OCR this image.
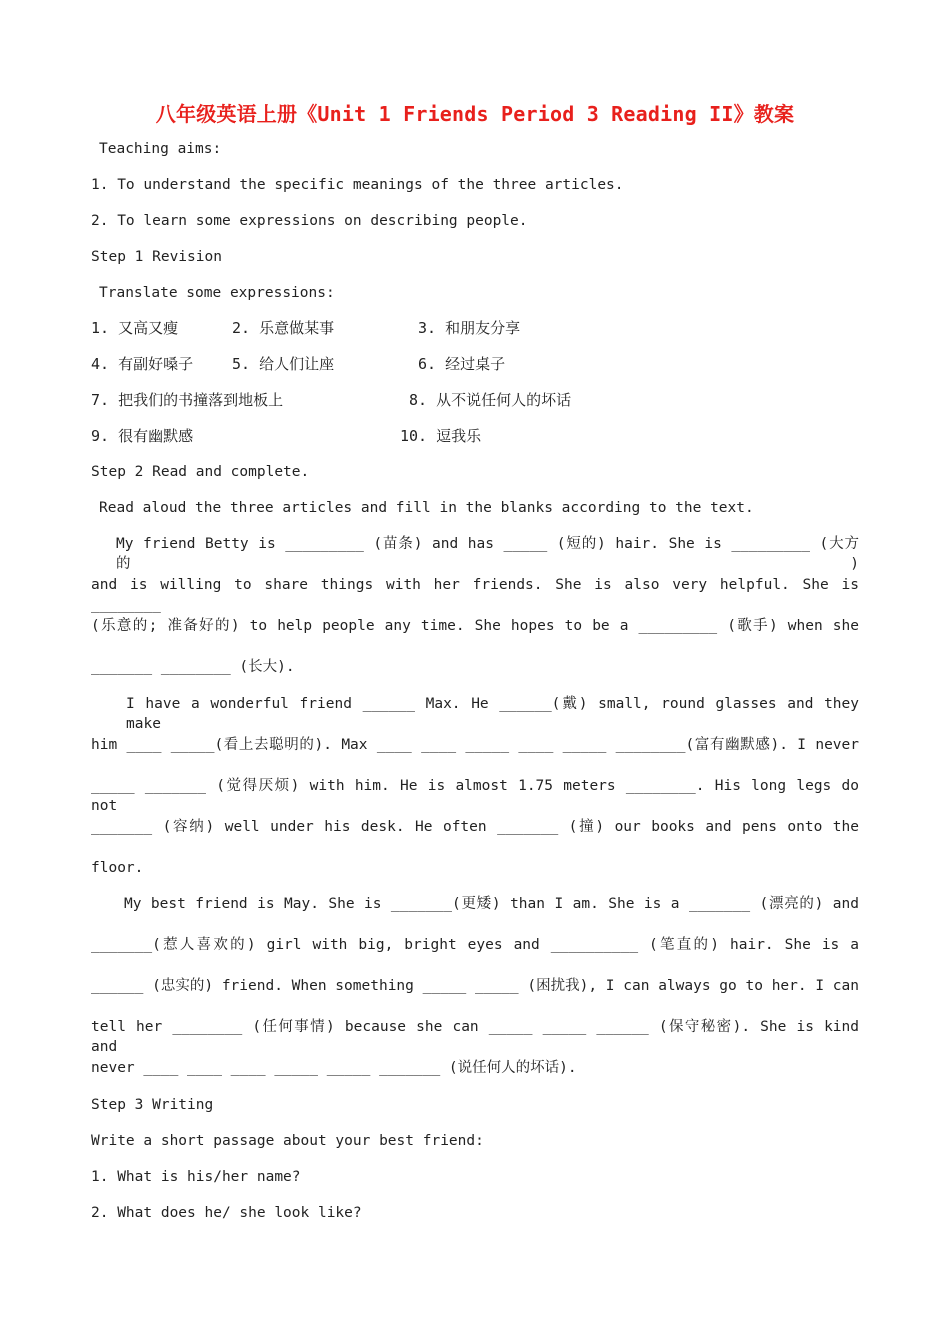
八年级英语上册《Unit 1 Friends Period 3 Reading II》教案
Teaching aims:
1. To understand the specific meanings of the three articles.
2. To learn some expressions on describing people.
Step 1 Revision
Translate some expressions:
1. 又高又瘦	2. 乐意做某事	3. 和朋友分享
4. 有副好嗓子	5. 给人们让座	6. 经过桌子
7. 把我们的书撞落到地板上	8. 从不说任何人的坏话
9. 很有幽默感	10. 逗我乐
Step 2 Read and complete.
Read aloud the three articles and fill in the blanks according to the text.
My friend Betty is _________ (苗条) and has _____ (短的) hair. She is _________ (大方的)
and is willing to share things with her friends. She is also very helpful. She is ________
(乐意的; 准备好的) to help people any time. She hopes to be a _________ (歌手) when she
_______ ________ (长大).
I have a wonderful friend ______ Max. He ______(戴) small, round glasses and they make
him ____ _____(看上去聪明的). Max ____ ____ _____ ____ _____ ________(富有幽默感). I never
_____ _______ (觉得厌烦) with him. He is almost 1.75 meters ________. His long legs do not
_______ (容纳) well under his desk. He often _______ (撞) our books and pens onto the
floor.
My best friend is May. She is _______(更矮) than I am. She is a _______ (漂亮的) and
_______(惹人喜欢的) girl with big, bright eyes and __________ (笔直的) hair. She is a
______ (忠实的) friend. When something _____ _____ (困扰我), I can always go to her. I can
tell her ________ (任何事情) because she can _____ _____ ______ (保守秘密). She is kind and
never ____ ____ ____ _____ _____ _______ (说任何人的坏话).
Step 3 Writing
Write a short passage about your best friend:
1. What is his/her name?
2. What does he/ she look like?
